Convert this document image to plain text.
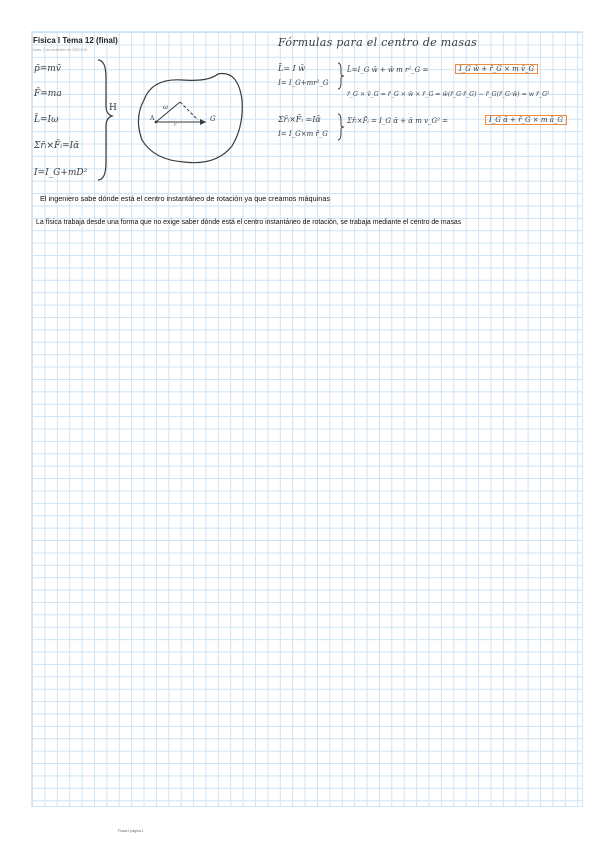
Física I Tema 12 (final)
lunes, 2 de noviembre de 2015 9:15
p̄=mv̄
F̄=ma
L̄=Iω
Σr̄ᵢ×F̄ᵢ=Iᾱ
I=I_G+mD²
H
A	G
r
ω
Fórmulas para el centro de masas
L̄= I w̄
I= I_G+mr²_G
L̄=I_G w̄ + w̄ m r²_G =	I_G w̄ + r̄_G × m v̄_G
r̄_G × v̄_G = r̄_G × w̄ × r̄_G = w̄(r̄_G·r̄_G) − r̄_G(r̄_G·w̄) = w r̄_G²
Σr̄ᵢ×F̄ᵢ =Iᾱ
I= I_G×m r̄_G
Σr̄ᵢ×F̄ᵢ = I_G ᾱ + ᾱ m v_G² =	I_G ᾱ + r̄_G × m ā_G
El ingeniero sabe dónde está el centro instantáneo de rotación ya que creamos máquinas
La física trabaja desde una forma que no exige saber dónde está el centro instantáneo de rotación, se trabaja mediante el centro de masas
Física I página 1
